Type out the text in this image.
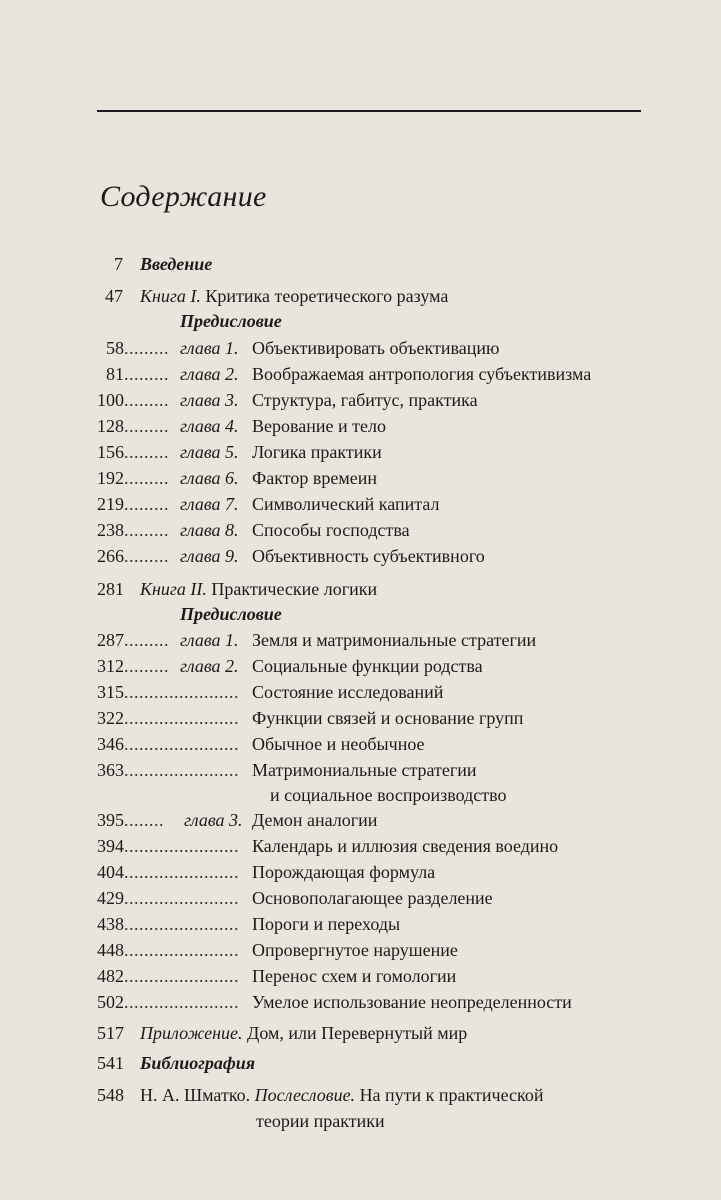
Содержание
7 Введение
47 Книга I. Критика теоретического разума
Предисловие
58 ......... глава 1. Объективировать объективацию
81 ......... глава 2. Воображаемая антропология субъективизма
100 ......... глава 3. Структура, габитус, практика
128 ......... глава 4. Верование и тело
156 ......... глава 5. Логика практики
192 ......... глава 6. Фактор времеин
219 ......... глава 7. Символический капитал
238 ......... глава 8. Способы господства
266 ......... глава 9. Объективность субъективного
281 Книга II. Практические логики
Предисловие
287 ......... глава 1. Земля и матримониальные стратегии
312 ......... глава 2. Социальные функции родства
315 ....................... Состояние исследований
322 ....................... Функции связей и основание групп
346 ....................... Обычное и необычное
363 ....................... Матримониальные стратегии
и социальное воспроизводство
395 ........ глава 3. Демон аналогии
394 ....................... Календарь и иллюзия сведения воедино
404 ....................... Порождающая формула
429 ....................... Основополагающее разделение
438 ....................... Пороги и переходы
448 ....................... Опровергнутое нарушение
482 ....................... Перенос схем и гомологии
502 ....................... Умелое использование неопределенности
517 Приложение. Дом, или Перевернутый мир
541 Библиография
548 Н. А. Шматко. Послесловие. На пути к практической
теории практики
